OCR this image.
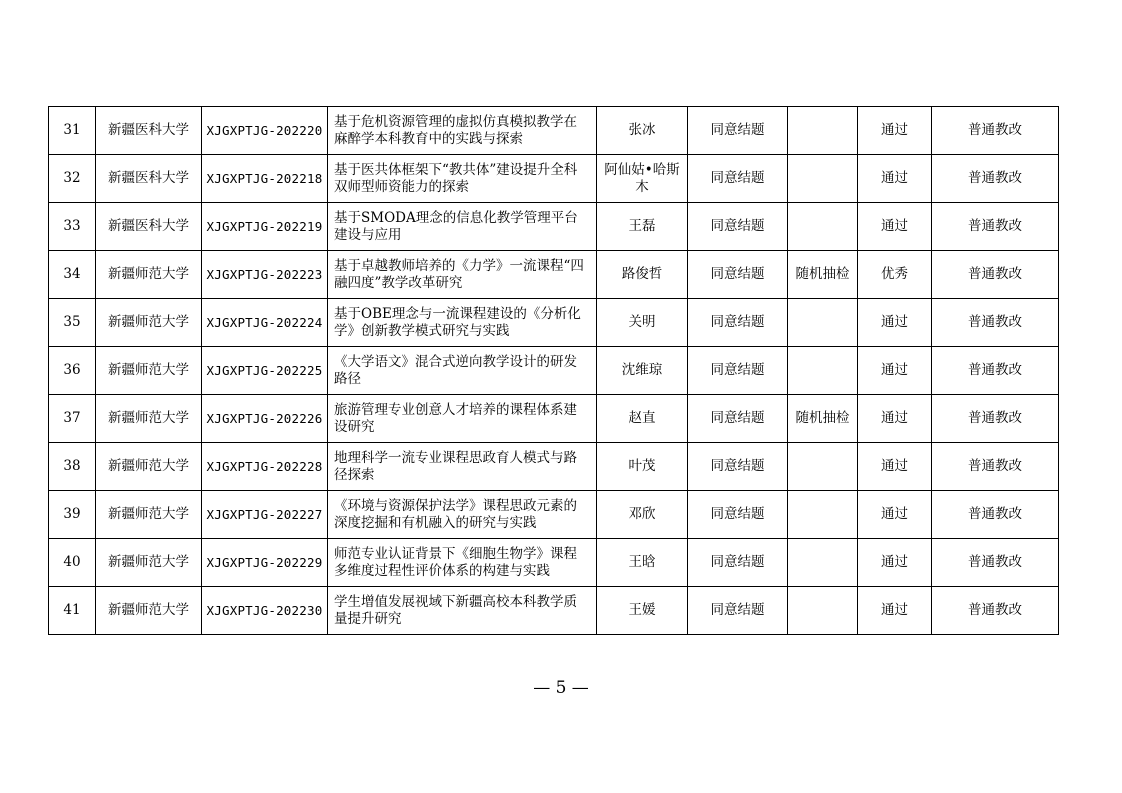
31	新疆医科大学	XJGXPTJG-202220	基于危机资源管理的虚拟仿真模拟教学在麻醉学本科教育中的实践与探索	张冰	同意结题		通过	普通教改
32	新疆医科大学	XJGXPTJG-202218	基于医共体框架下“教共体”建设提升全科双师型师资能力的探索	阿仙姑•哈斯木	同意结题		通过	普通教改
33	新疆医科大学	XJGXPTJG-202219	基于SMODA理念的信息化教学管理平台建设与应用	王磊	同意结题		通过	普通教改
34	新疆师范大学	XJGXPTJG-202223	基于卓越教师培养的《力学》一流课程“四融四度”教学改革研究	路俊哲	同意结题	随机抽检	优秀	普通教改
35	新疆师范大学	XJGXPTJG-202224	基于OBE理念与一流课程建设的《分析化学》创新教学模式研究与实践	关明	同意结题		通过	普通教改
36	新疆师范大学	XJGXPTJG-202225	《大学语文》混合式逆向教学设计的研发路径	沈维琼	同意结题		通过	普通教改
37	新疆师范大学	XJGXPTJG-202226	旅游管理专业创意人才培养的课程体系建设研究	赵直	同意结题	随机抽检	通过	普通教改
38	新疆师范大学	XJGXPTJG-202228	地理科学一流专业课程思政育人模式与路径探索	叶茂	同意结题		通过	普通教改
39	新疆师范大学	XJGXPTJG-202227	《环境与资源保护法学》课程思政元素的深度挖掘和有机融入的研究与实践	邓欣	同意结题		通过	普通教改
40	新疆师范大学	XJGXPTJG-202229	师范专业认证背景下《细胞生物学》课程多维度过程性评价体系的构建与实践	王晗	同意结题		通过	普通教改
41	新疆师范大学	XJGXPTJG-202230	学生增值发展视域下新疆高校本科教学质量提升研究	王媛	同意结题		通过	普通教改
— 5 —
